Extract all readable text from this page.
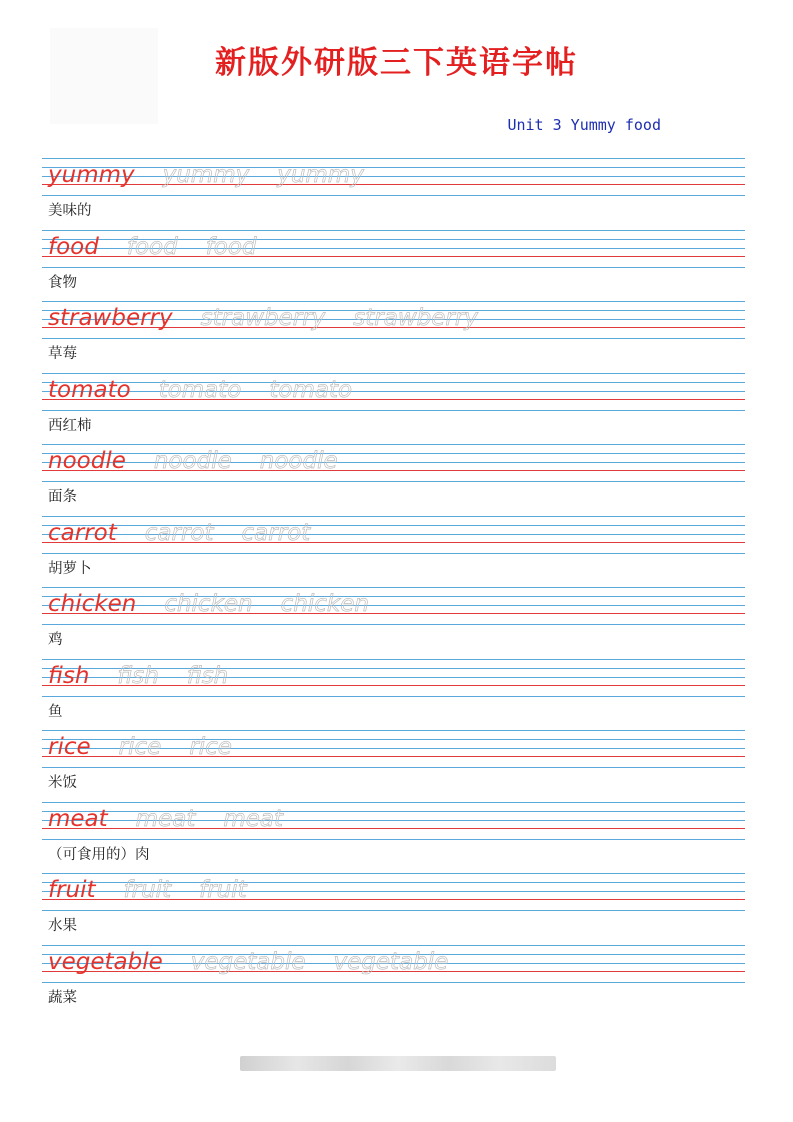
新版外研版三下英语字帖
Unit 3 Yummy food
yummy yummy yummy
美味的
food food food
食物
strawberry strawberry strawberry
草莓
tomato tomato tomato
西红柿
noodle noodle noodle
面条
carrot carrot carrot
胡萝卜
chicken chicken chicken
鸡
fish fish fish
鱼
rice rice rice
米饭
meat meat meat
（可食用的）肉
fruit fruit fruit
水果
vegetable vegetable vegetable
蔬菜
